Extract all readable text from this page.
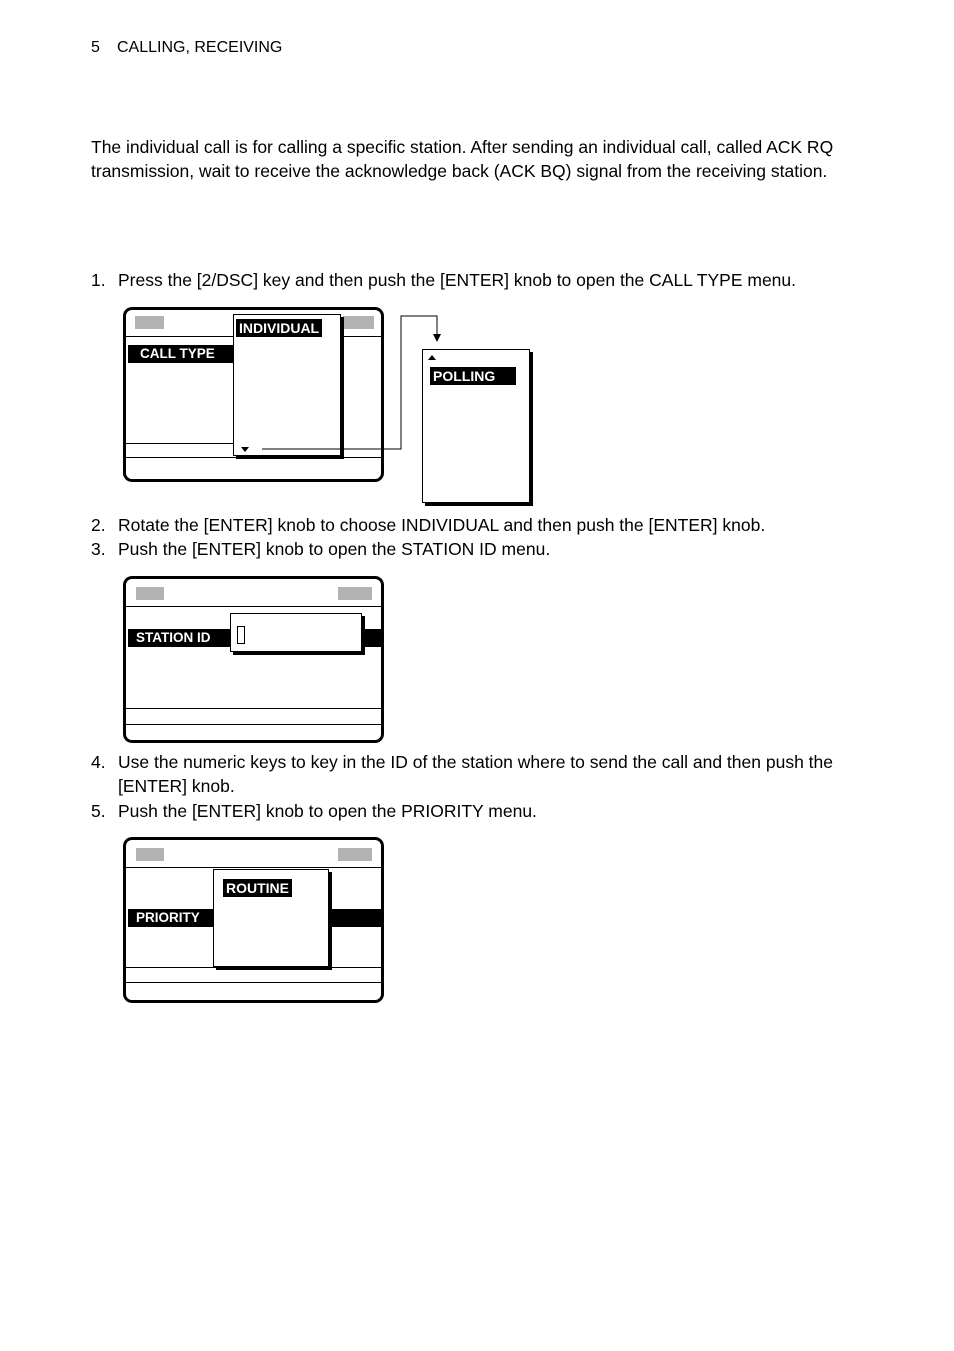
5 CALLING, RECEIVING
The individual call is for calling a specific station. After sending an individual call, called ACK RQ transmission, wait to receive the acknowledge back (ACK BQ) signal from the receiving station.
1. Press the [2/DSC] key and then push the [ENTER] knob to open the CALL TYPE menu.
CALL TYPE
INDIVIDUAL
POLLING
2. Rotate the [ENTER] knob to choose INDIVIDUAL and then push the [ENTER] knob.
3. Push the [ENTER] knob to open the STATION ID menu.
STATION ID
4. Use the numeric keys to key in the ID of the station where to send the call and then push the [ENTER] knob.
5. Push the [ENTER] knob to open the PRIORITY menu.
PRIORITY
ROUTINE
